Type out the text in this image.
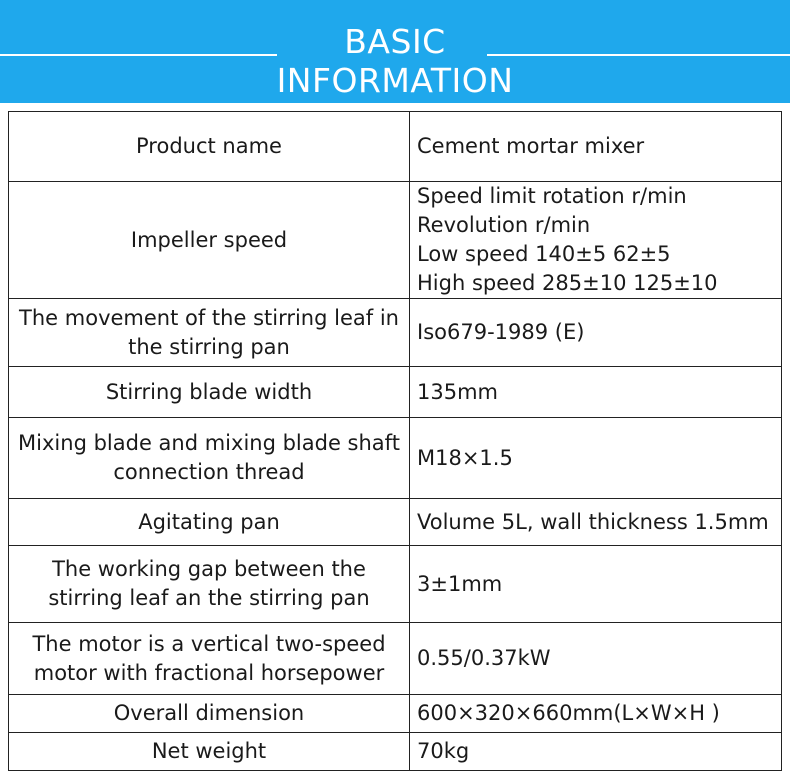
BASIC
INFORMATION
Product name	Cement mortar mixer

Impeller speed	Speed limit rotation r/min
Revolution r/min
Low speed 140±5 62±5
High speed 285±10 125±10

The movement of the stirring leaf in the stirring pan	Iso679-1989 (E)

Stirring blade width	135mm

Mixing blade and mixing blade shaft connection thread	M18×1.5

Agitating pan	Volume 5L, wall thickness 1.5mm

The working gap between the stirring leaf an the stirring pan	3±1mm

The motor is a vertical two-speed motor with fractional horsepower	0.55/0.37kW

Overall dimension	600×320×660mm(L×W×H )

Net weight	70kg
